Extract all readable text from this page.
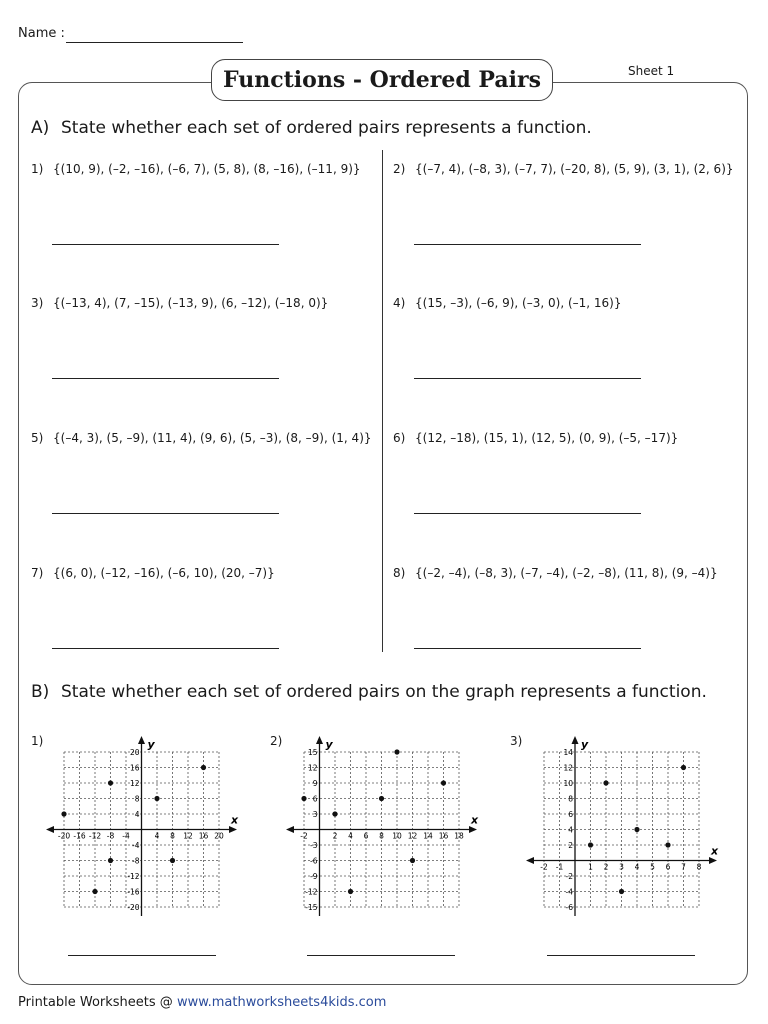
Name :
Sheet 1
Functions - Ordered Pairs
A) State whether each set of ordered pairs represents a function.
1) {(10, 9), (–2, –16), (–6, 7), (5, 8), (8, –16), (–11, 9)}	2) {(–7, 4), (–8, 3), (–7, 7), (–20, 8), (5, 9), (3, 1), (2, 6)}
3) {(–13, 4), (7, –15), (–13, 9), (6, –12), (–18, 0)}	4) {(15, –3), (–6, 9), (–3, 0), (–1, 16)}
5) {(–4, 3), (5, –9), (11, 4), (9, 6), (5, –3), (8, –9), (1, 4)} 6) {(12, –18), (15, 1), (12, 5), (0, 9), (–5, –17)}
7) {(6, 0), (–12, –16), (–6, 10), (20, –7)}	8) {(–2, –4), (–8, 3), (–7, –4), (–2, –8), (11, 8), (9, –4)}
B) State whether each set of ordered pairs on the graph represents a function.
1)
x
y
-20 -16 -12 -8 -4	4 8 12 16 20
20
16
12
8
4
-4
-8
-12
-16
-20
2)
x
y
-2	2 4 6 8 10 12 14 16 18
15
12
9
6
3
-3
-6
-9
-12
-15
3)
x
y
-2 -1	1 2 3 4 5 6 7 8
14
12
10
8
6
4
2
-2
-4
-6
Printable Worksheets @ www.mathworksheets4kids.com
